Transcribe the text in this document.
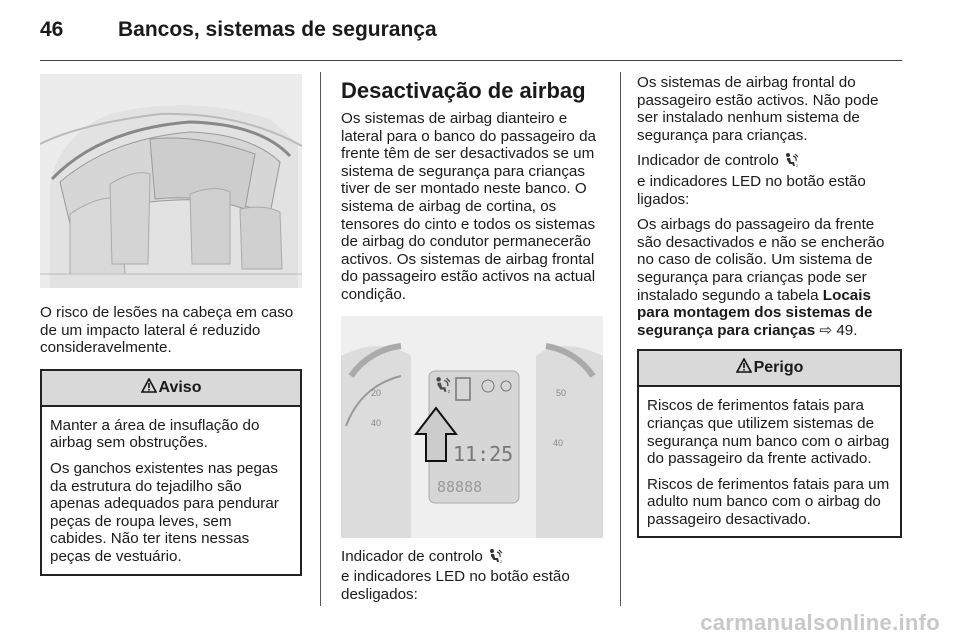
46	Bancos, sistemas de segurança

O risco de lesões na cabeça em caso de um impacto lateral é reduzido consideravelmente.

Aviso

Manter a área de insuflação do airbag sem obstruções.

Os ganchos existentes nas pegas da estrutura do tejadilho são apenas adequados para pendurar peças de roupa leves, sem cabides. Não ter itens nessas peças de vestuário.

Desactivação de airbag

Os sistemas de airbag dianteiro e lateral para o banco do passageiro da frente têm de ser desactivados se um sistema de segurança para crianças tiver de ser montado neste banco. O sistema de airbag de cortina, os tensores do cinto e todos os sistemas de airbag do condutor permanecerão activos. Os sistemas de airbag frontal do passageiro estão activos na actual condição.

20
40
50
40
11:25
88888

Indicador de controlo
e indicadores LED no botão estão desligados:

Os sistemas de airbag frontal do passageiro estão activos. Não pode ser instalado nenhum sistema de segurança para crianças.

Indicador de controlo
e indicadores LED no botão estão ligados:

Os airbags do passageiro da frente são desactivados e não se encherão no caso de colisão. Um sistema de segurança para crianças pode ser instalado segundo a tabela Locais para montagem dos sistemas de segurança para crianças ⇨ 49.

Perigo

Riscos de ferimentos fatais para crianças que utilizem sistemas de segurança num banco com o airbag do passageiro da frente activado.

Riscos de ferimentos fatais para um adulto num banco com o airbag do passageiro desactivado.

carmanualsonline.info
